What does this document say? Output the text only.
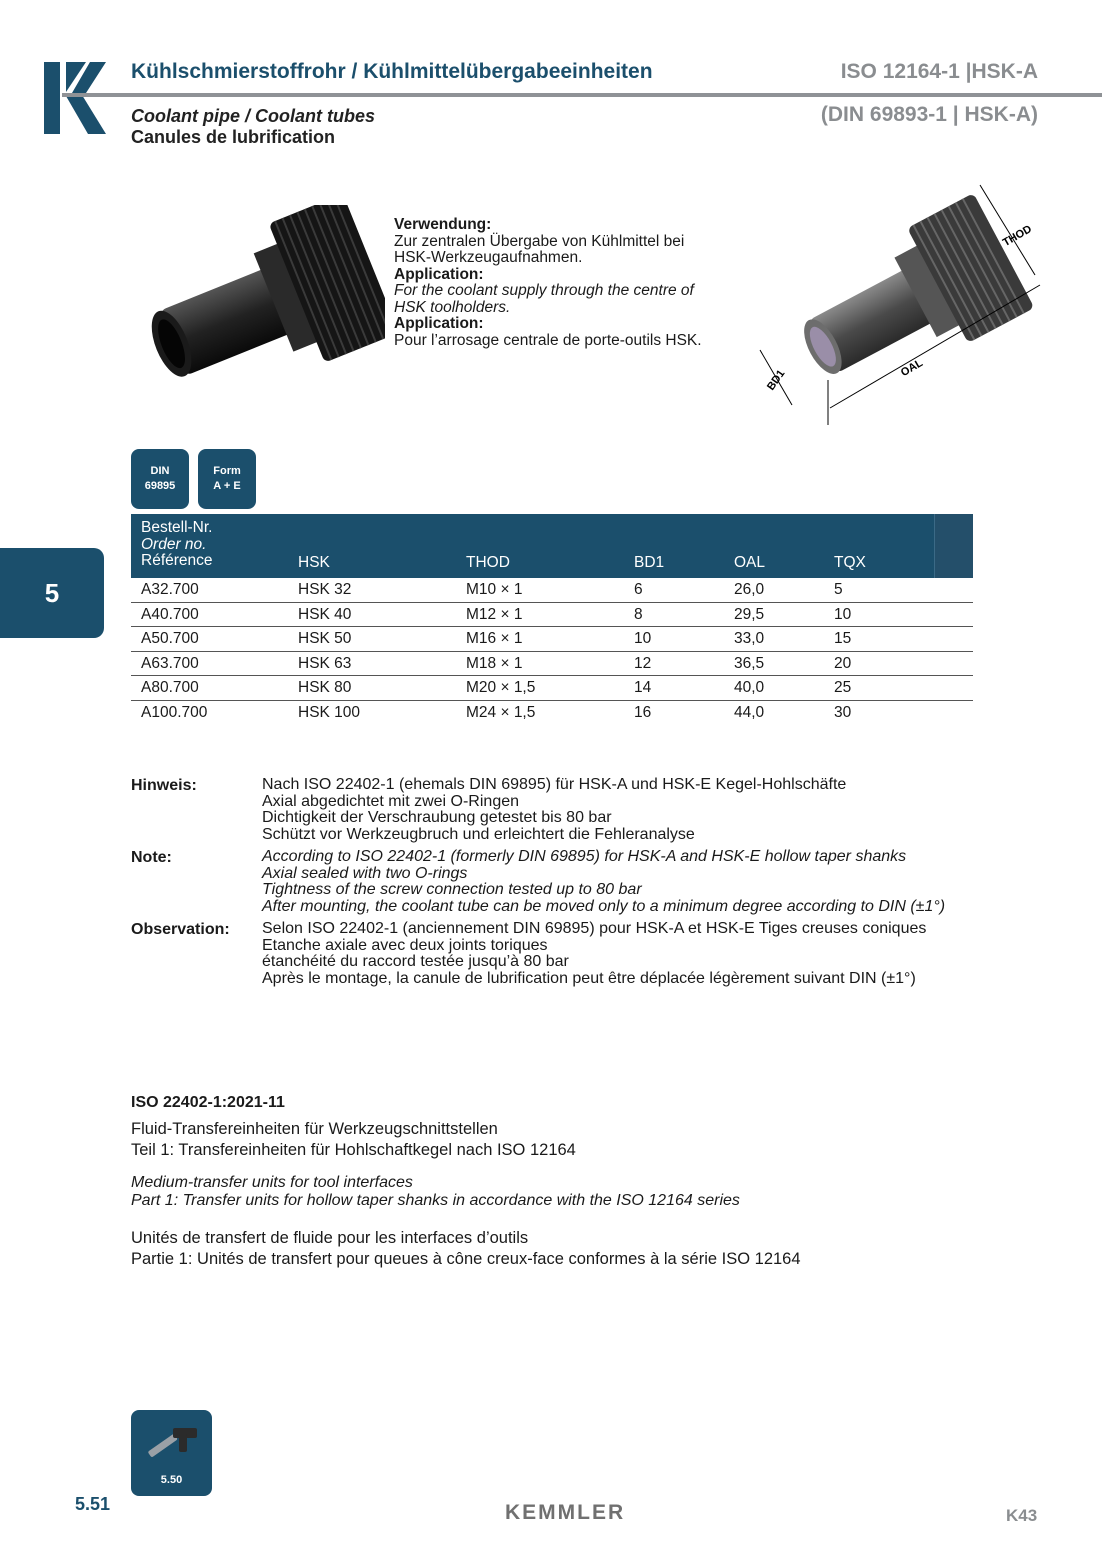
Kühlschmierstoffrohr / Kühlmittelübergabeeinheiten	ISO 12164-1 |HSK-A
(DIN 69893-1 | HSK-A)
Coolant pipe / Coolant tubes
Canules de lubrification
Verwendung:
Zur zentralen Übergabe von Kühlmittel bei
HSK-Werkzeugaufnahmen.
Application:
For the coolant supply through the centre of
HSK toolholders.
Application:
Pour l’arrosage centrale de porte-outils HSK.
THOD
BD1	OAL
DIN
69895
Form
A + E
5
Bestell-Nr.
Order no.
Référence	HSK	THOD	BD1	OAL	TQX
A32.700	HSK 32	M10 × 1	6	26,0	5
A40.700	HSK 40	M12 × 1	8	29,5	10
A50.700	HSK 50	M16 × 1	10	33,0	15
A63.700	HSK 63	M18 × 1	12	36,5	20
A80.700	HSK 80	M20 × 1,5	14	40,0	25
A100.700	HSK 100	M24 × 1,5	16	44,0	30
Hinweis:	Nach ISO 22402-1 (ehemals DIN 69895) für HSK-A und HSK-E Kegel-Hohlschäfte
Axial abgedichtet mit zwei O-Ringen
Dichtigkeit der Verschraubung getestet bis 80 bar
Schützt vor Werkzeugbruch und erleichtert die Fehleranalyse
Note:	According to ISO 22402-1 (formerly DIN 69895) for HSK-A and HSK-E hollow taper shanks
Axial sealed with two O-rings
Tightness of the screw connection tested up to 80 bar
After mounting, the coolant tube can be moved only to a minimum degree according to DIN (±1°)
Observation: Selon ISO 22402-1 (anciennement DIN 69895) pour HSK-A et HSK-E Tiges creuses coniques
Etanche axiale avec deux joints toriques
étanchéité du raccord testée jusqu’à 80 bar
Après le montage, la canule de lubrification peut être déplacée légèrement suivant DIN (±1°)
ISO 22402-1:2021-11
Fluid-Transfereinheiten für Werkzeugschnittstellen
Teil 1: Transfereinheiten für Hohlschaftkegel nach ISO 12164
Medium-transfer units for tool interfaces
Part 1: Transfer units for hollow taper shanks in accordance with the ISO 12164 series
Unités de transfert de fluide pour les interfaces d’outils
Partie 1: Unités de transfert pour queues à cône creux-face conformes à la série ISO 12164
5.50
5.51	KEMMLER	K43
